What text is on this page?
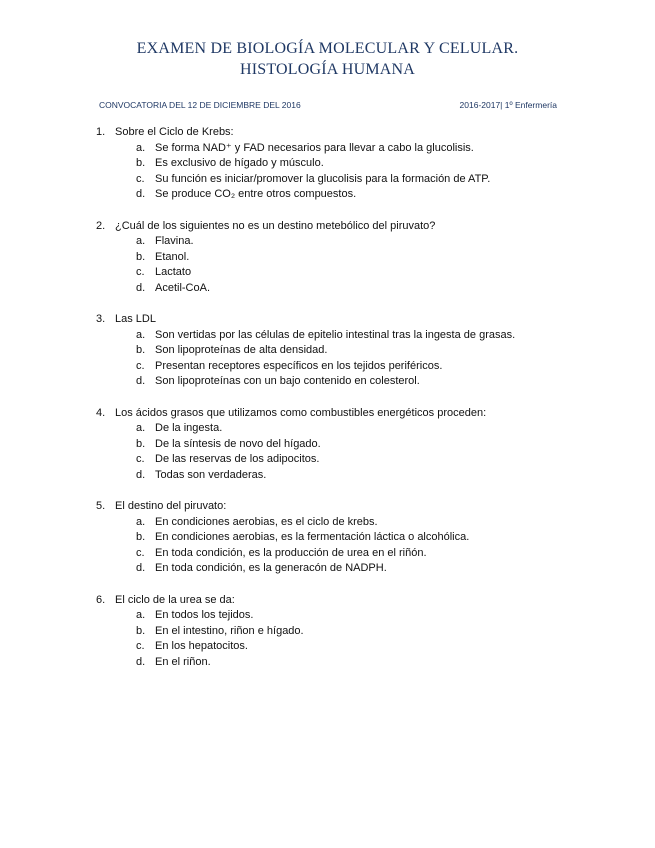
EXAMEN DE BIOLOGÍA MOLECULAR Y CELULAR.
HISTOLOGÍA HUMANA
CONVOCATORIA DEL 12 DE DICIEMBRE DEL 2016	2016-2017| 1º Enfermería
1. Sobre el Ciclo de Krebs:
a. Se forma NAD⁺ y FAD necesarios para llevar a cabo la glucolisis.
b. Es exclusivo de hígado y músculo.
c. Su función es iniciar/promover la glucolisis para la formación de ATP.
d. Se produce CO₂ entre otros compuestos.
2. ¿Cuál de los siguientes no es un destino metebólico del piruvato?
a. Flavina.
b. Etanol.
c. Lactato
d. Acetil-CoA.
3. Las LDL
a. Son vertidas por las células de epitelio intestinal tras la ingesta de grasas.
b. Son lipoproteínas de alta densidad.
c. Presentan receptores específicos en los tejidos periféricos.
d. Son lipoproteínas con un bajo contenido en colesterol.
4. Los ácidos grasos que utilizamos como combustibles energéticos proceden:
a. De la ingesta.
b. De la síntesis de novo del hígado.
c. De las reservas de los adipocitos.
d. Todas son verdaderas.
5. El destino del piruvato:
a. En condiciones aerobias, es el ciclo de krebs.
b. En condiciones aerobias, es la fermentación láctica o alcohólica.
c. En toda condición, es la producción de urea en el riñón.
d. En toda condición, es la generacón de NADPH.
6. El ciclo de la urea se da:
a. En todos los tejidos.
b. En el intestino, riñon e hígado.
c. En los hepatocitos.
d. En el riñon.
